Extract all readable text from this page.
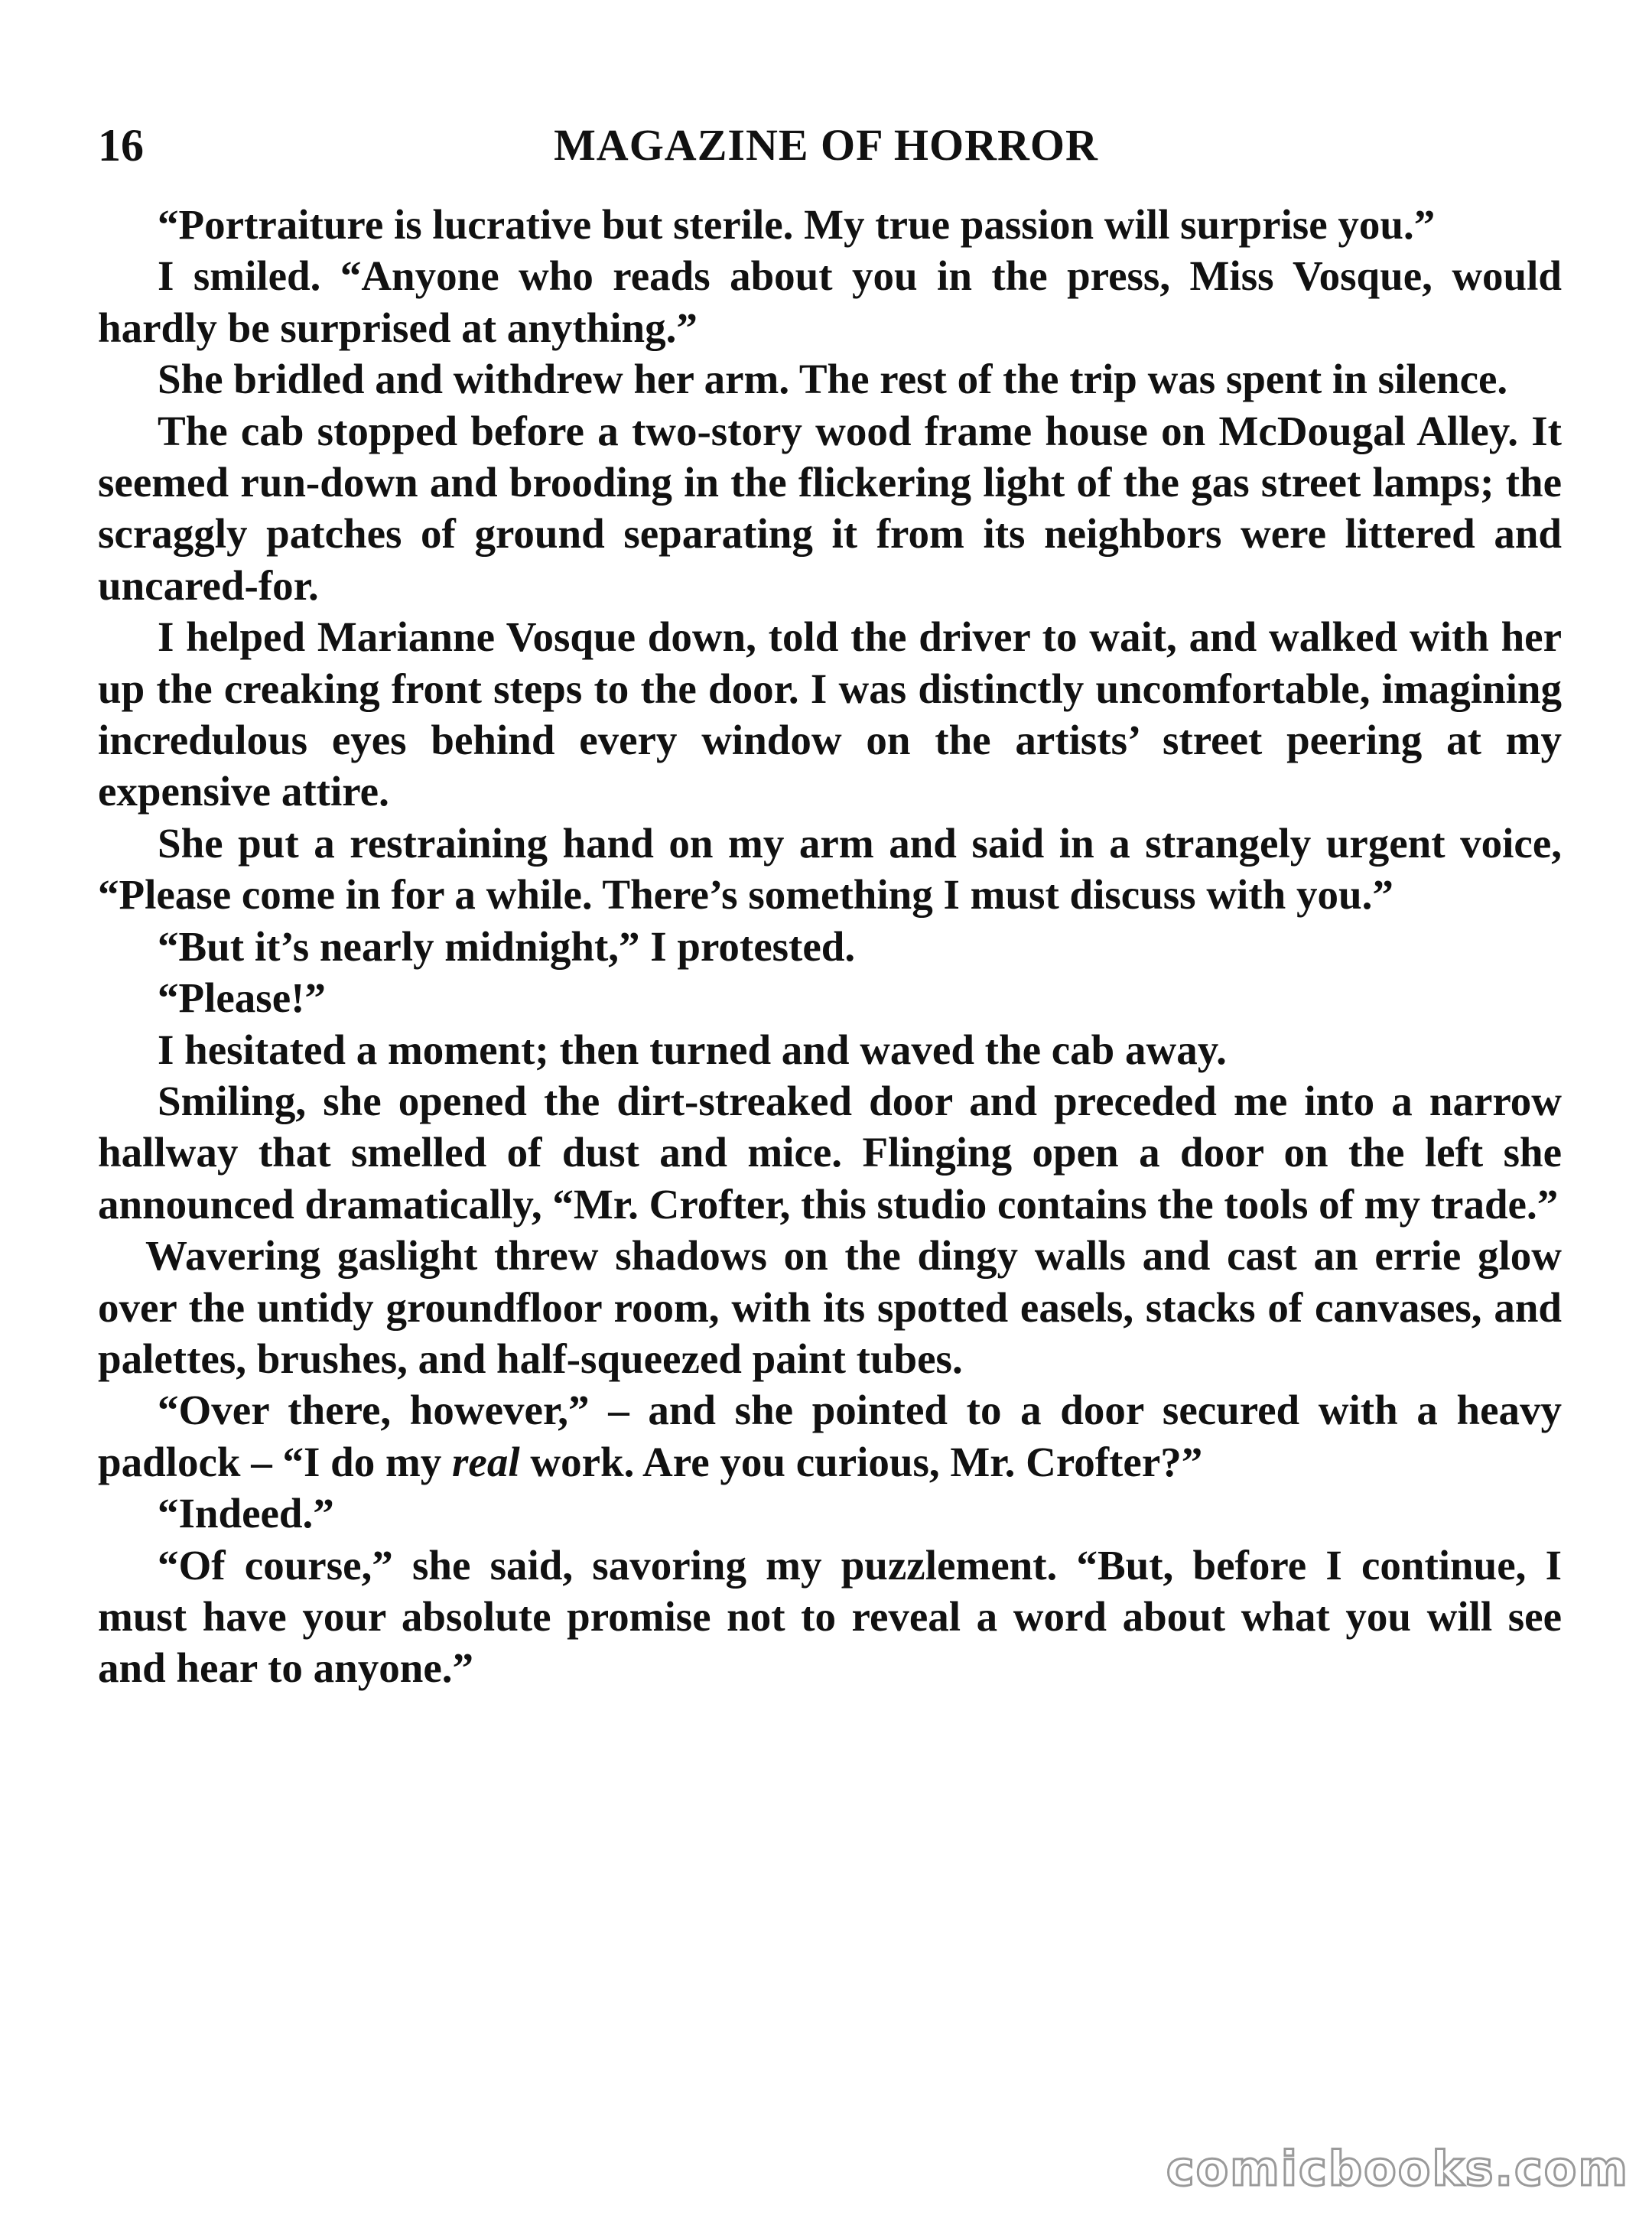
16	MAGAZINE OF HORROR

“Portraiture is lucrative but sterile. My true passion will surprise you.”

I smiled. “Anyone who reads about you in the press, Miss Vosque, would hardly be surprised at anything.”

She bridled and withdrew her arm. The rest of the trip was spent in silence.

The cab stopped before a two-story wood frame house on McDougal Alley. It seemed run-down and brooding in the flickering light of the gas street lamps; the scraggly patches of ground separating it from its neighbors were littered and uncared-for.

I helped Marianne Vosque down, told the driver to wait, and walked with her up the creaking front steps to the door. I was distinctly uncomfortable, imagining incredulous eyes behind every window on the artists’ street peering at my expensive attire.

She put a restraining hand on my arm and said in a strangely urgent voice, “Please come in for a while. There’s something I must discuss with you.”

“But it’s nearly midnight,” I protested.

“Please!”

I hesitated a moment; then turned and waved the cab away.

Smiling, she opened the dirt-streaked door and preceded me into a narrow hallway that smelled of dust and mice. Flinging open a door on the left she announced dramatically, “Mr. Crofter, this studio contains the tools of my trade.”

Wavering gaslight threw shadows on the dingy walls and cast an errie glow over the untidy groundfloor room, with its spotted easels, stacks of canvases, and palettes, brushes, and half-squeezed paint tubes.

“Over there, however,” – and she pointed to a door secured with a heavy padlock – “I do my real work. Are you curious, Mr. Crofter?”

“Indeed.”

“Of course,” she said, savoring my puzzlement. “But, before I continue, I must have your absolute promise not to reveal a word about what you will see and hear to anyone.”

comicbooks.com
